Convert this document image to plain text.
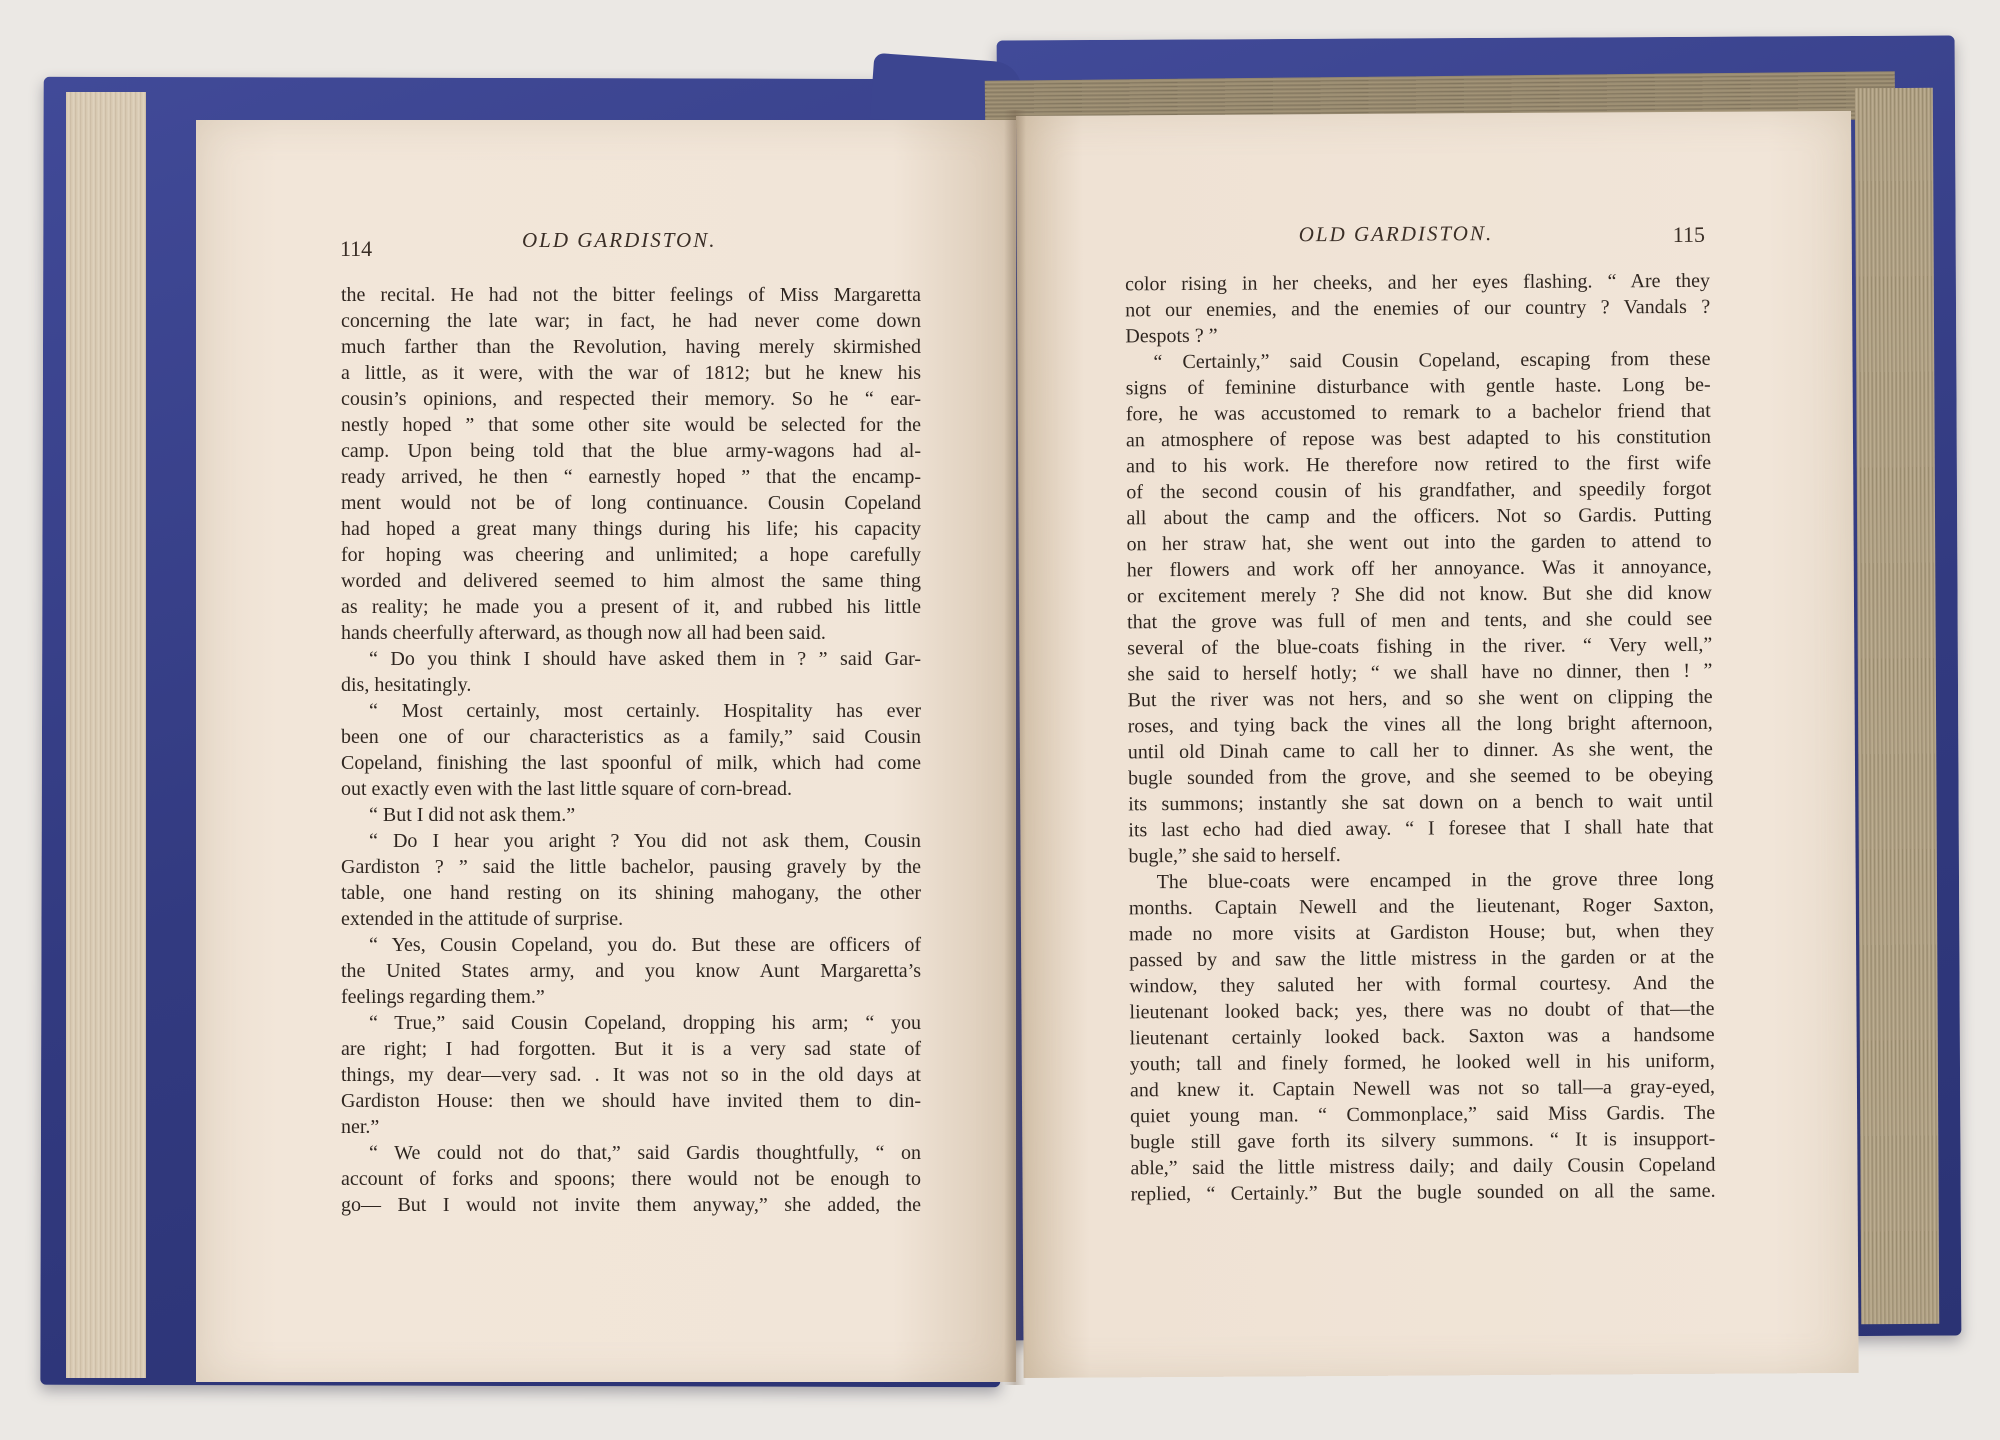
114	OLD GARDISTON.
the recital. He had not the bitter feelings of Miss Margaretta
concerning the late war; in fact, he had never come down
much farther than the Revolution, having merely skirmished
a little, as it were, with the war of 1812; but he knew his
cousin’s opinions, and respected their memory. So he “ ear-
nestly hoped ” that some other site would be selected for the
camp. Upon being told that the blue army-wagons had al-
ready arrived, he then “ earnestly hoped ” that the encamp-
ment would not be of long continuance. Cousin Copeland
had hoped a great many things during his life; his capacity
for hoping was cheering and unlimited; a hope carefully
worded and delivered seemed to him almost the same thing
as reality; he made you a present of it, and rubbed his little
hands cheerfully afterward, as though now all had been said.
“ Do you think I should have asked them in ? ” said Gar-
dis, hesitatingly.
“ Most certainly, most certainly. Hospitality has ever
been one of our characteristics as a family,” said Cousin
Copeland, finishing the last spoonful of milk, which had come
out exactly even with the last little square of corn-bread.
“ But I did not ask them.”
“ Do I hear you aright ? You did not ask them, Cousin
Gardiston ? ” said the little bachelor, pausing gravely by the
table, one hand resting on its shining mahogany, the other
extended in the attitude of surprise.
“ Yes, Cousin Copeland, you do. But these are officers of
the United States army, and you know Aunt Margaretta’s
feelings regarding them.”
“ True,” said Cousin Copeland, dropping his arm; “ you
are right; I had forgotten. But it is a very sad state of
things, my dear—very sad. . It was not so in the old days at
Gardiston House: then we should have invited them to din-
ner.”
“ We could not do that,” said Gardis thoughtfully, “ on
account of forks and spoons; there would not be enough to
go— But I would not invite them anyway,” she added, the
OLD GARDISTON.	115
color rising in her cheeks, and her eyes flashing. “ Are they
not our enemies, and the enemies of our country ? Vandals ?
Despots ? ”
“ Certainly,” said Cousin Copeland, escaping from these
signs of feminine disturbance with gentle haste. Long be-
fore, he was accustomed to remark to a bachelor friend that
an atmosphere of repose was best adapted to his constitution
and to his work. He therefore now retired to the first wife
of the second cousin of his grandfather, and speedily forgot
all about the camp and the officers. Not so Gardis. Putting
on her straw hat, she went out into the garden to attend to
her flowers and work off her annoyance. Was it annoyance,
or excitement merely ? She did not know. But she did know
that the grove was full of men and tents, and she could see
several of the blue-coats fishing in the river. “ Very well,”
she said to herself hotly; “ we shall have no dinner, then ! ”
But the river was not hers, and so she went on clipping the
roses, and tying back the vines all the long bright afternoon,
until old Dinah came to call her to dinner. As she went, the
bugle sounded from the grove, and she seemed to be obeying
its summons; instantly she sat down on a bench to wait until
its last echo had died away. “ I foresee that I shall hate that
bugle,” she said to herself.
The blue-coats were encamped in the grove three long
months. Captain Newell and the lieutenant, Roger Saxton,
made no more visits at Gardiston House; but, when they
passed by and saw the little mistress in the garden or at the
window, they saluted her with formal courtesy. And the
lieutenant looked back; yes, there was no doubt of that—the
lieutenant certainly looked back. Saxton was a handsome
youth; tall and finely formed, he looked well in his uniform,
and knew it. Captain Newell was not so tall—a gray-eyed,
quiet young man. “ Commonplace,” said Miss Gardis. The
bugle still gave forth its silvery summons. “ It is insupport-
able,” said the little mistress daily; and daily Cousin Copeland
replied, “ Certainly.” But the bugle sounded on all the same.
